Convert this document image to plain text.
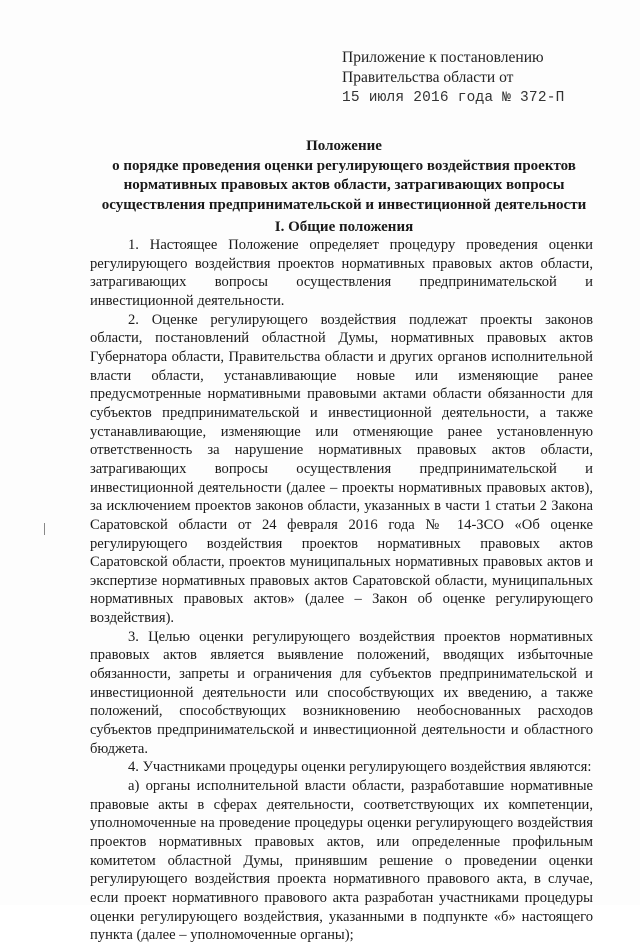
Приложение к постановлению
Правительства области от
15 июля 2016 года № 372-П
Положение
о порядке проведения оценки регулирующего воздействия проектов
нормативных правовых актов области, затрагивающих вопросы
осуществления предпринимательской и инвестиционной деятельности
I. Общие положения

1. Настоящее Положение определяет процедуру проведения оценки регулирующего воздействия проектов нормативных правовых актов области, затрагивающих вопросы осуществления предпринимательской и инвестиционной деятельности.

2. Оценке регулирующего воздействия подлежат проекты законов области, постановлений областной Думы, нормативных правовых актов Губернатора области, Правительства области и других органов исполнительной власти области, устанавливающие новые или изменяющие ранее предусмотренные нормативными правовыми актами области обязанности для субъектов предпринимательской и инвестиционной деятельности, а также устанавливающие, изменяющие или отменяющие ранее установленную ответственность за нарушение нормативных правовых актов области, затрагивающих вопросы осуществления предпринимательской и инвестиционной деятельности (далее – проекты нормативных правовых актов), за исключением проектов законов области, указанных в части 1 статьи 2 Закона Саратовской области от 24 февраля 2016 года № 14-ЗСО «Об оценке регулирующего воздействия проектов нормативных правовых актов Саратовской области, проектов муниципальных нормативных правовых актов и экспертизе нормативных правовых актов Саратовской области, муниципальных нормативных правовых актов» (далее – Закон об оценке регулирующего воздействия).

3. Целью оценки регулирующего воздействия проектов нормативных правовых актов является выявление положений, вводящих избыточные обязанности, запреты и ограничения для субъектов предпринимательской и инвестиционной деятельности или способствующих их введению, а также положений, способствующих возникновению необоснованных расходов субъектов предпринимательской и инвестиционной деятельности и областного бюджета.

4. Участниками процедуры оценки регулирующего воздействия являются:

а) органы исполнительной власти области, разработавшие нормативные правовые акты в сферах деятельности, соответствующих их компетенции, уполномоченные на проведение процедуры оценки регулирующего воздействия проектов нормативных правовых актов, или определенные профильным комитетом областной Думы, принявшим решение о проведении оценки регулирующего воздействия проекта нормативного правового акта, в случае, если проект нормативного правового акта разработан участниками процедуры оценки регулирующего воздействия, указанными в подпункте «б» настоящего пункта (далее – уполномоченные органы);
